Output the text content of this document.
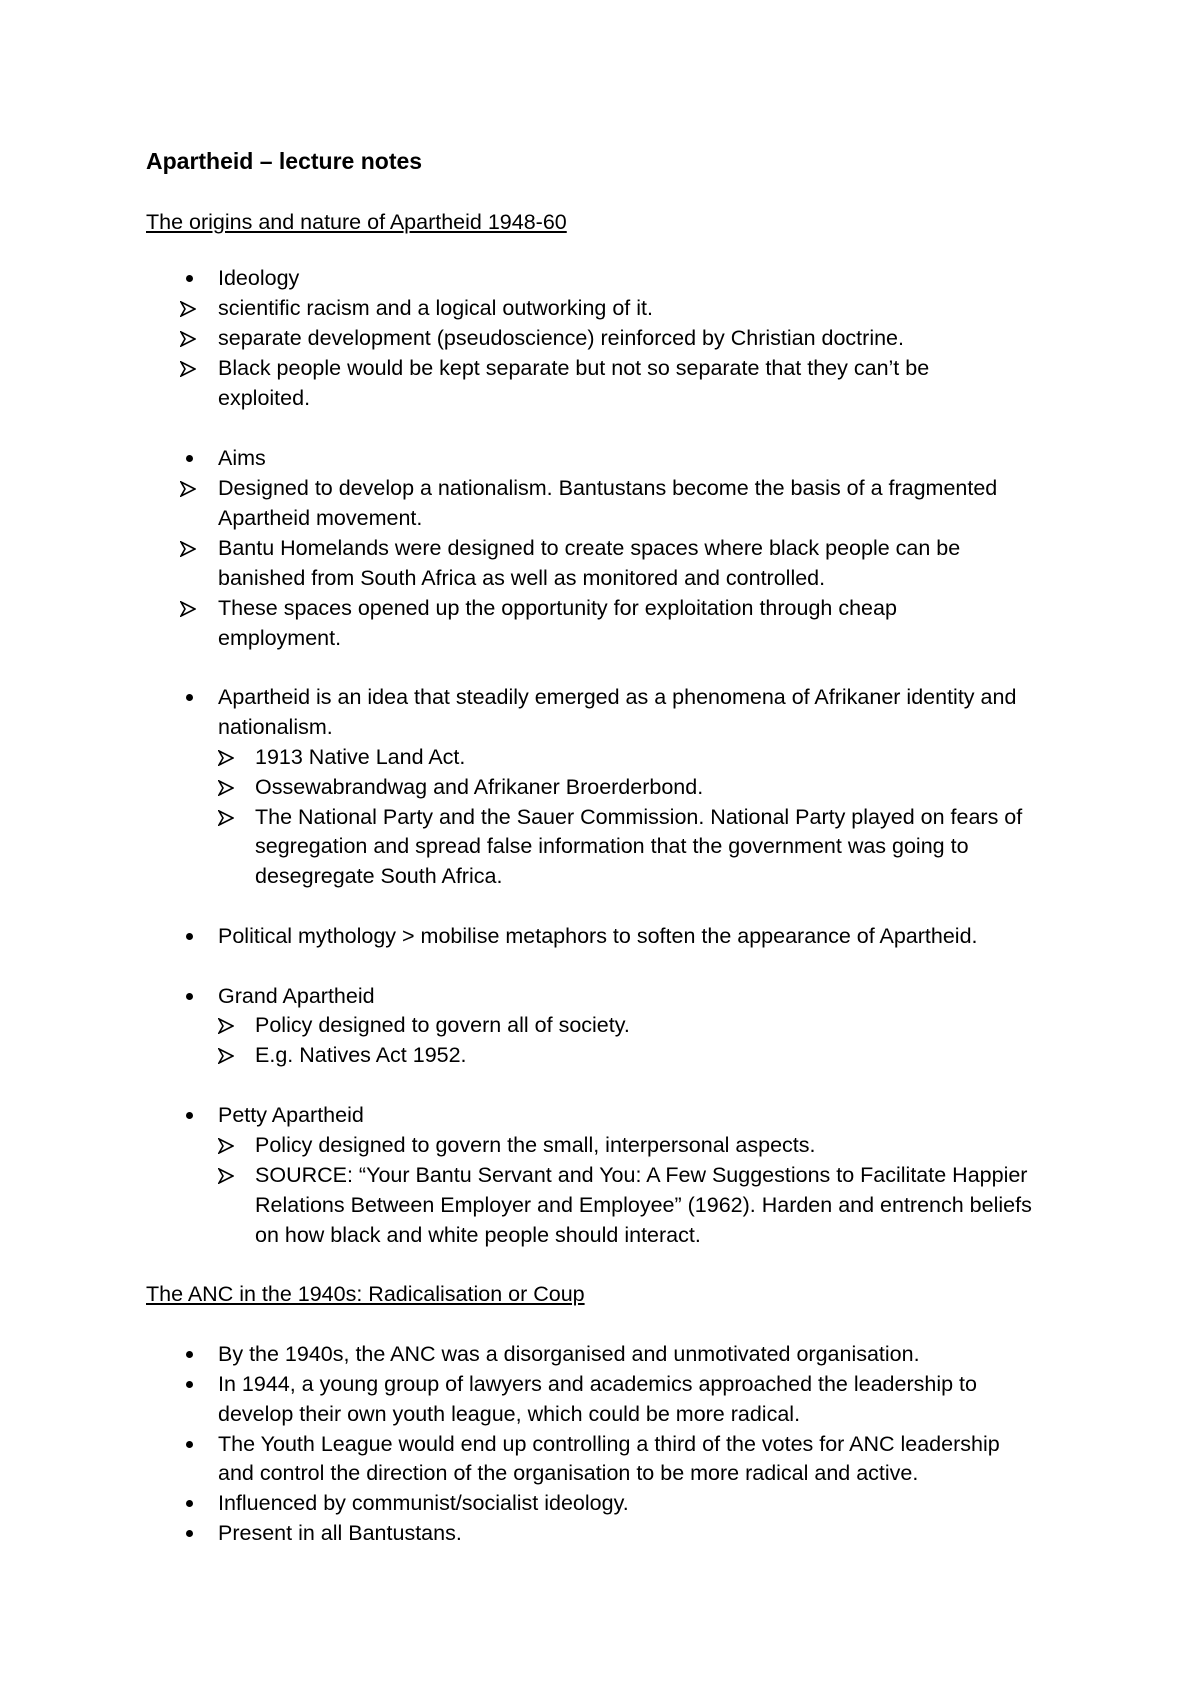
Apartheid – lecture notes
The origins and nature of Apartheid 1948-60
The ANC in the 1940s: Radicalisation or Coup
Ideology
scientific racism and a logical outworking of it.
separate development (pseudoscience) reinforced by Christian doctrine.
Black people would be kept separate but not so separate that they can’t be
exploited.
Aims
Designed to develop a nationalism. Bantustans become the basis of a fragmented
Apartheid movement.
Bantu Homelands were designed to create spaces where black people can be
banished from South Africa as well as monitored and controlled.
These spaces opened up the opportunity for exploitation through cheap
employment.
Apartheid is an idea that steadily emerged as a phenomena of Afrikaner identity and
nationalism.
1913 Native Land Act.
Ossewabrandwag and Afrikaner Broerderbond.
The National Party and the Sauer Commission. National Party played on fears of
segregation and spread false information that the government was going to
desegregate South Africa.
Political mythology > mobilise metaphors to soften the appearance of Apartheid.
Grand Apartheid
Policy designed to govern all of society.
E.g. Natives Act 1952.
Petty Apartheid
Policy designed to govern the small, interpersonal aspects.
SOURCE: “Your Bantu Servant and You: A Few Suggestions to Facilitate Happier
Relations Between Employer and Employee” (1962). Harden and entrench beliefs
on how black and white people should interact.
By the 1940s, the ANC was a disorganised and unmotivated organisation.
In 1944, a young group of lawyers and academics approached the leadership to
develop their own youth league, which could be more radical.
The Youth League would end up controlling a third of the votes for ANC leadership
and control the direction of the organisation to be more radical and active.
Influenced by communist/socialist ideology.
Present in all Bantustans.
